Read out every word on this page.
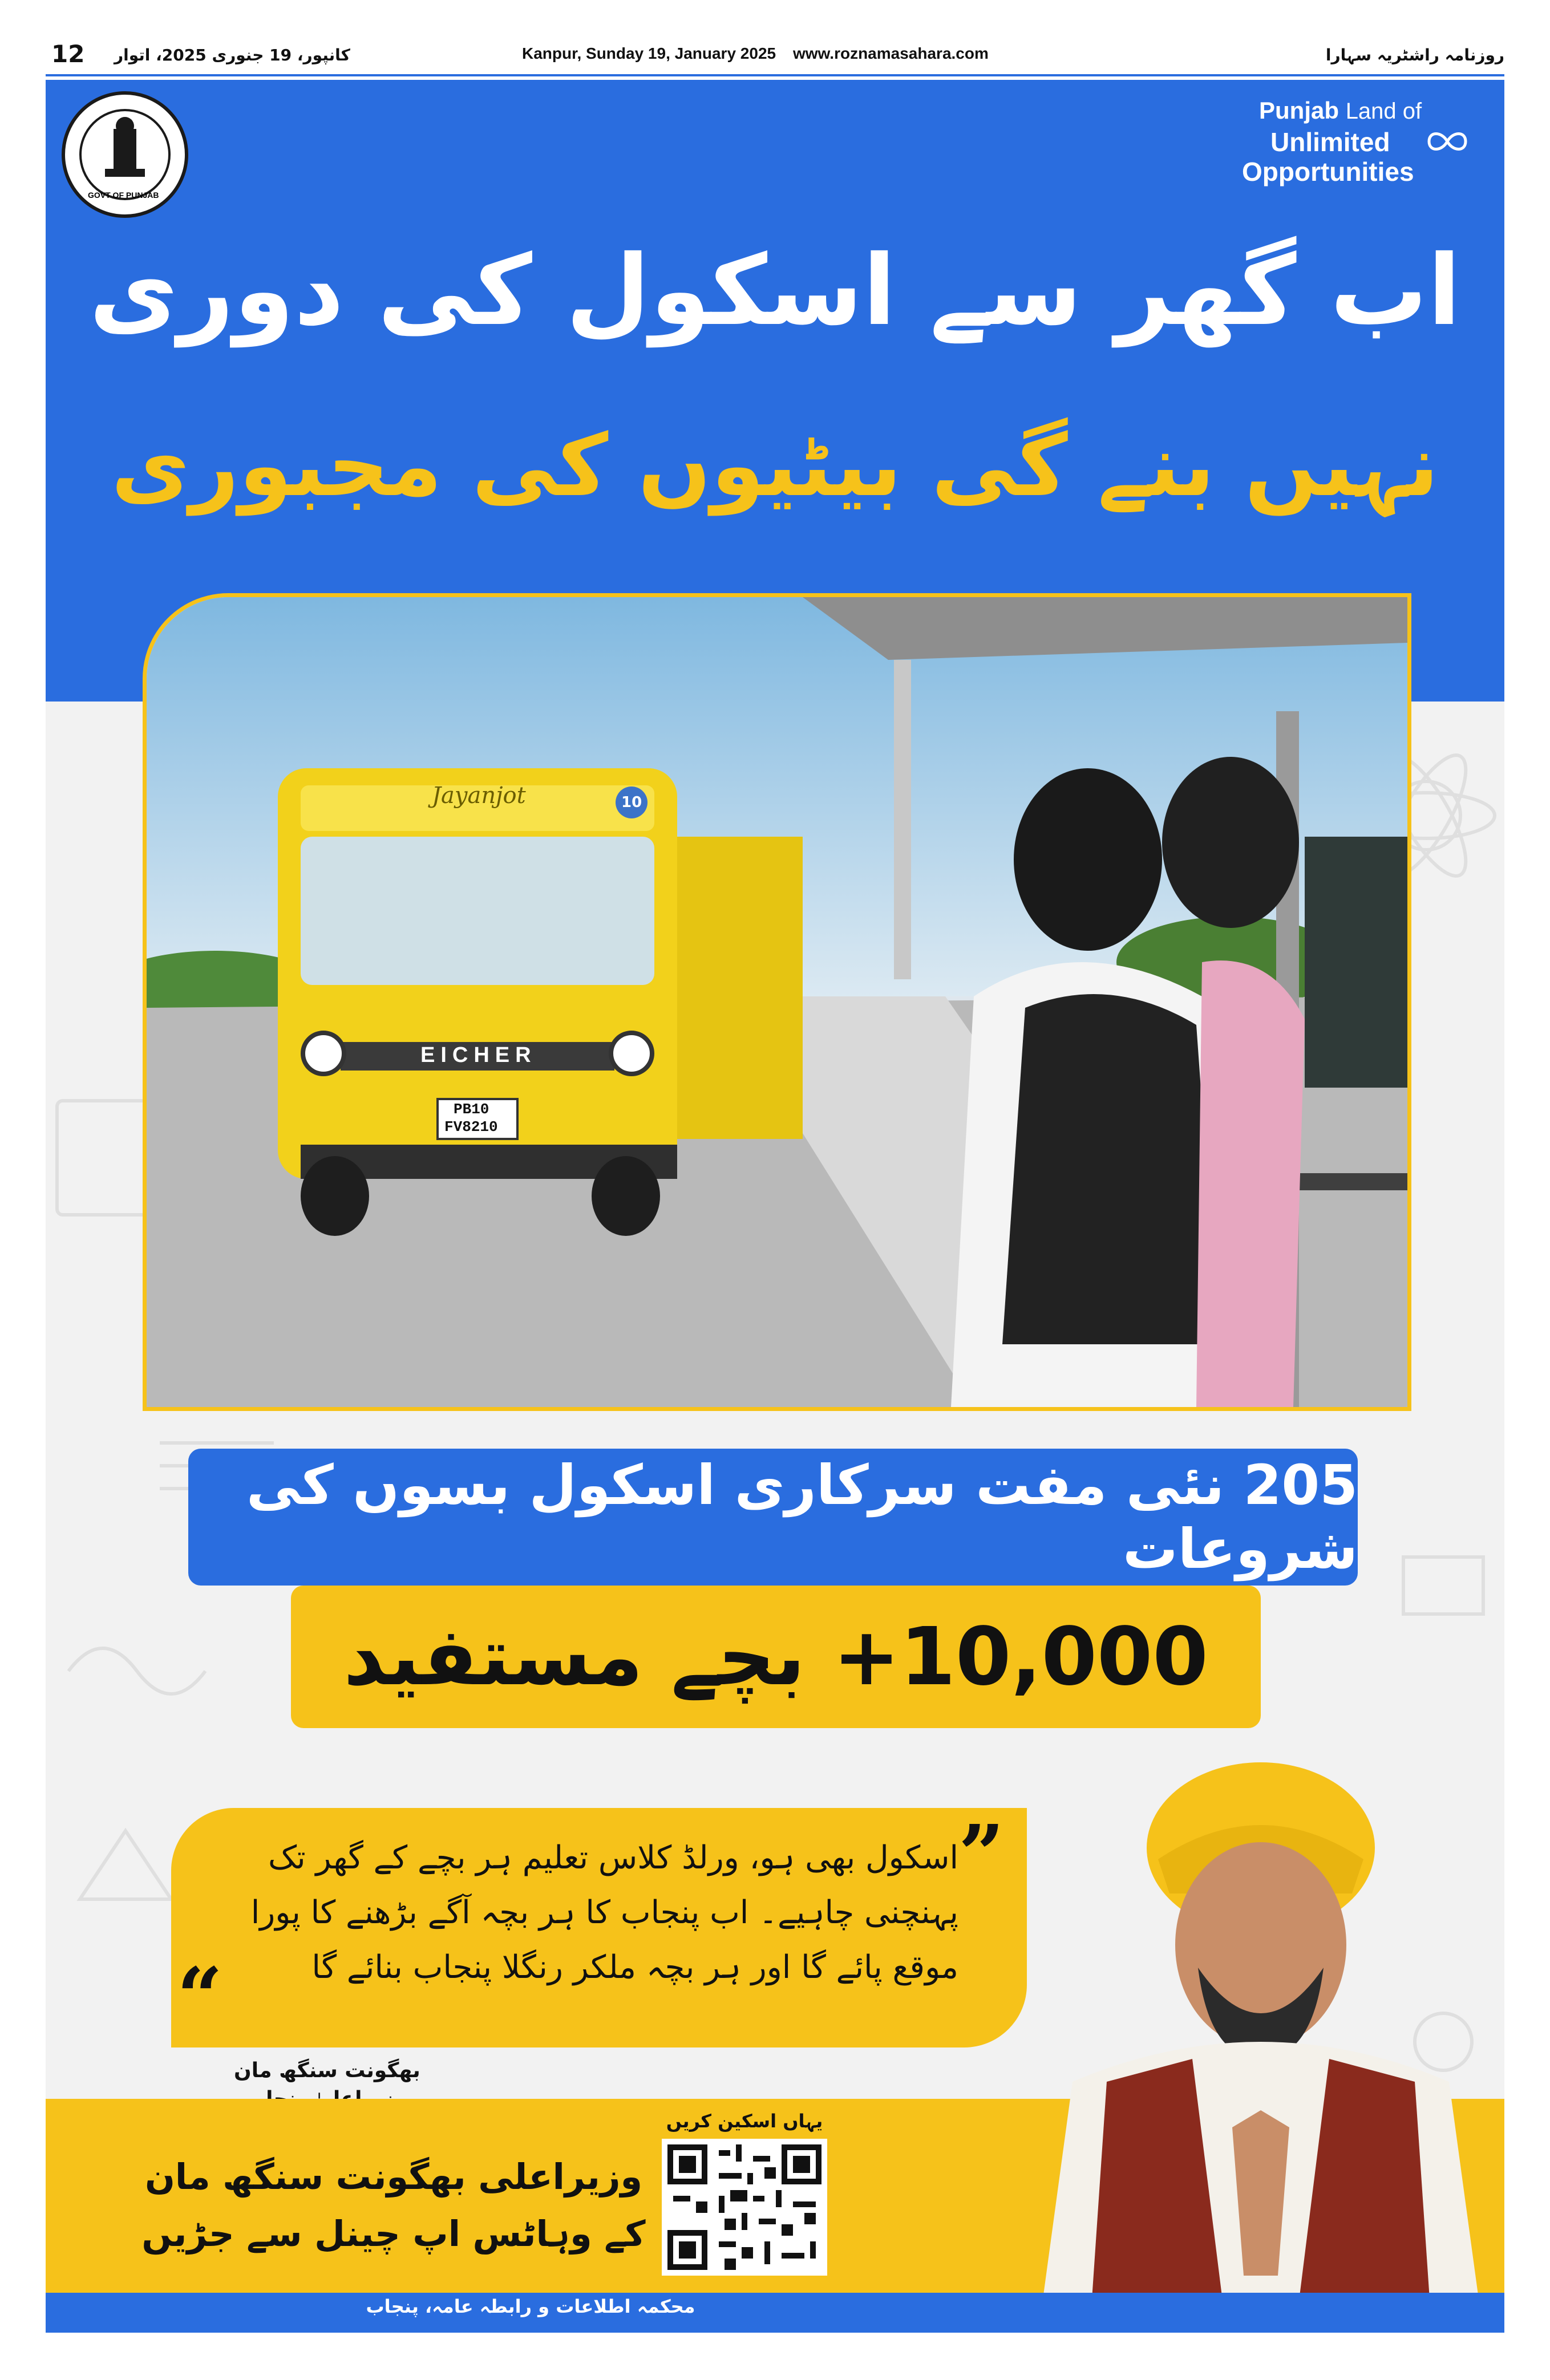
12 کانپور، 19 جنوری 2025، اتوار	Kanpur, Sunday 19, January 2025 www.roznamasahara.com	روزنامہ راشٹریہ سہارا
GOVT OF PUNJAB
Punjab Land of
Unlimited
Opportunities
اب گھر سے اسکول کی دوری
نہیں بنے گی بیٹیوں کی مجبوری
Jayanjot	10
EICHER
PB10
FV8210
205 نئی مفت سرکاری اسکول بسوں کی شروعات
10,000+ بچے مستفید
”
اسکول بھی ہو، ورلڈ کلاس تعلیم ہر بچے کے گھر تک
پہنچنی چاہیے۔ اب پنجاب کا ہر بچہ آگے بڑھنے کا پورا
موقع پائے گا اور ہر بچہ ملکر رنگلا پنجاب بنائے گا
“
بھگونت سنگھ مان
وزیراعلی بھگونت سنگھ مان
کے وہاٹس اپ چینل سے جڑیں
یہاں اسکین کریں
محکمہ اطلاعات و رابطہ عامہ، پنجاب
